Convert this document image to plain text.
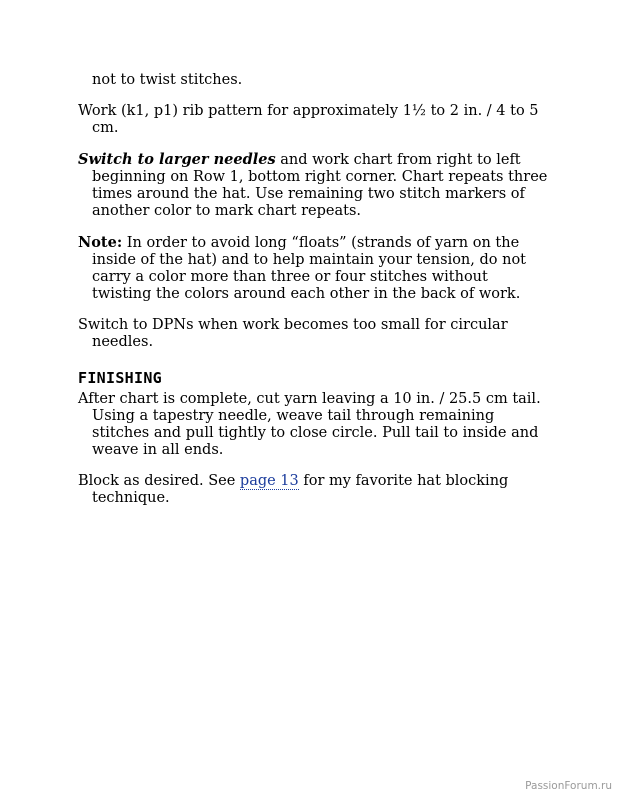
not to twist stitches.

Work (k1, p1) rib pattern for approximately 1½ to 2 in. / 4 to 5 cm.

Switch to larger needles and work chart from right to left beginning on Row 1, bottom right corner. Chart repeats three times around the hat. Use remaining two stitch markers of another color to mark chart repeats.

Note: In order to avoid long “floats” (strands of yarn on the inside of the hat) and to help maintain your tension, do not carry a color more than three or four stitches without twisting the colors around each other in the back of work.

Switch to DPNs when work becomes too small for circular needles.

FINISHING

After chart is complete, cut yarn leaving a 10 in. / 25.5 cm tail. Using a tapestry needle, weave tail through remaining stitches and pull tightly to close circle. Pull tail to inside and weave in all ends.

Block as desired. See page 13 for my favorite hat blocking technique.

PassionForum.ru
